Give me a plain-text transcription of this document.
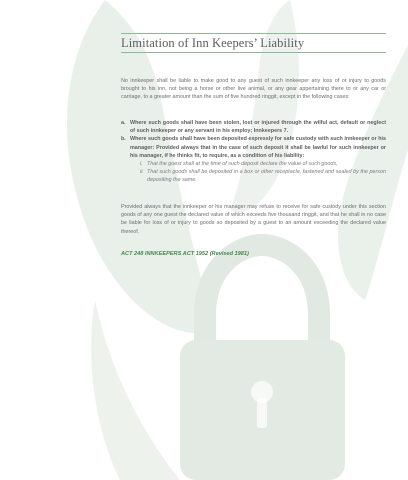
Limitation of Inn Keepers’ Liability

No innkeeper shall be liable to make good to any guest of such innkeeper any loss of or injury to goods brought to his inn, not being a horse or other live animal, or any gear appertaining there to or any car or carriage, to a greater amount than the sum of five hundred ringgit, except in the following cases:

a. Where such goods shall have been stolen, lost or injured through the wilful act, default or neglect of such innkeeper or any servant in his employ; Innkeepers 7.
b. Where such goods shall have been deposited expressly for safe custody with such innkeeper or his manager: Provided always that in the case of such deposit it shall be lawful for such innkeeper or his manager, if he thinks fit, to require, as a condition of his liability:
i. That the guest shall at the time of such deposit declare the value of such goods,
ii. That such goods shall be deposited in a box or other receptacle, fastened and sealed by the person depositing the same.

Provided always that the innkeeper or his manager may refuse to receive for safe custody under this section goods of any one guest the declared value of which exceeds five thousand ringgit, and that he shall in no case be liable for loss of or injury to goods so deposited by a guest to an amount exceeding the declared value thereof.

ACT 248 INNKEEPERS ACT 1952 (Revised 1981)
